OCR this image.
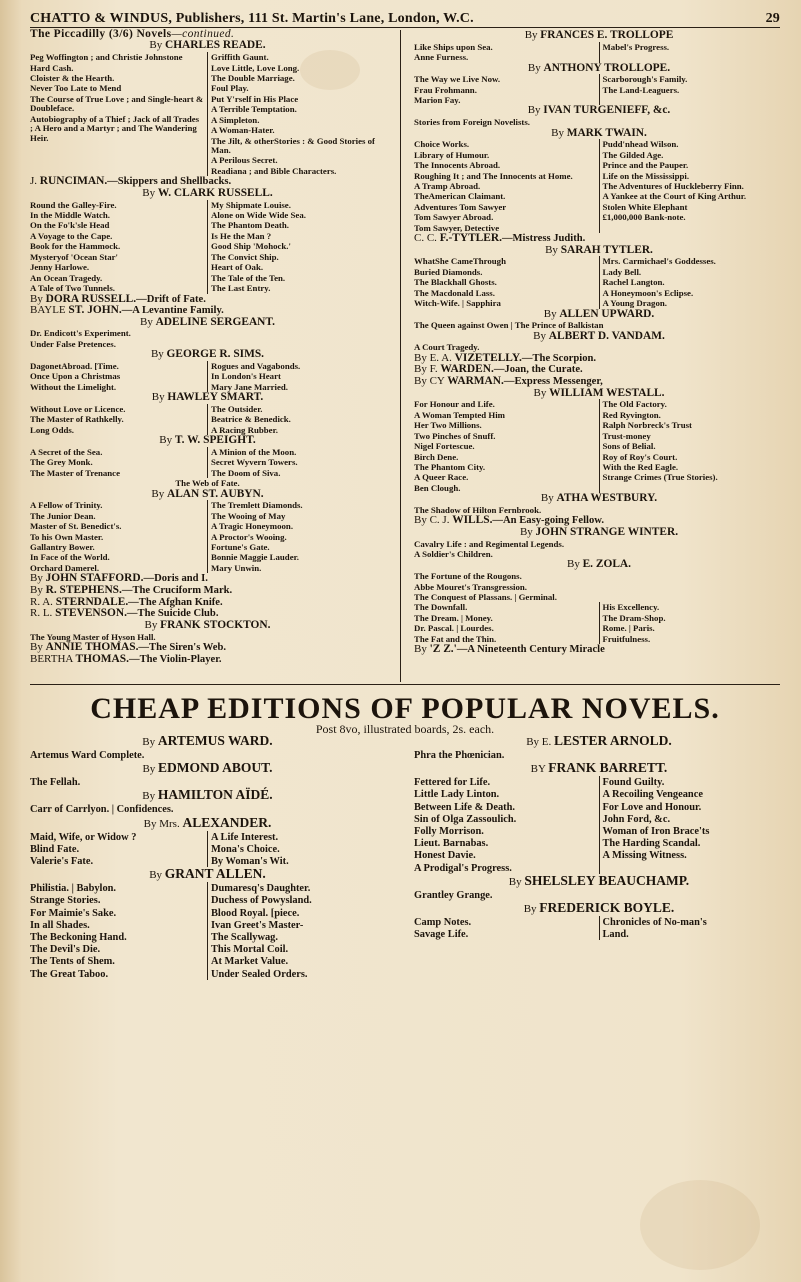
CHATTO & WINDUS, Publishers, 111 St. Martin's Lane, London, W.C.	29
The Piccadilly (3/6) Novels—continued.
By CHARLES READE.
Peg Woffington ; and Christie Johnstone
Hard Cash.
Cloister & the Hearth.
Never Too Late to Mend
The Course of True Love ; and Single-heart & Doubleface.
Autobiography of a Thief ; Jack of all Trades ; A Hero and a Martyr ; and The Wandering Heir.
Griffith Gaunt.
Love Little, Love Long.
The Double Marriage.
Foul Play.
Put Y'rself in His Place
A Terrible Temptation.
A Simpleton.
A Woman-Hater.
The Jilt, & otherStories : & Good Stories of Man.
A Perilous Secret.
Readiana ; and Bible Characters.
J. RUNCIMAN.—Skippers and Shellbacks.
By W. CLARK RUSSELL.
Round the Galley-Fire.
In the Middle Watch.
On the Fo'k'sle Head
A Voyage to the Cape.
Book for the Hammock.
Mysteryof 'Ocean Star'
Jenny Harlowe.
An Ocean Tragedy.
A Tale of Two Tunnels.
My Shipmate Louise.
Alone on Wide Wide Sea.
The Phantom Death.
Is He the Man ?
Good Ship 'Mohock.'
The Convict Ship.
Heart of Oak.
The Tale of the Ten.
The Last Entry.
By DORA RUSSELL.—Drift of Fate.
BAYLE ST. JOHN.—A Levantine Family.
By ADELINE SERGEANT.
Dr. Endicott's Experiment.
Under False Pretences.
By GEORGE R. SIMS.
DagonetAbroad. [Time.
Once Upon a Christmas
Without the Limelight.
Rogues and Vagabonds.
In London's Heart
Mary Jane Married.
By HAWLEY SMART.
Without Love or Licence.
The Master of Rathkelly.
Long Odds.
The Outsider.
Beatrice & Benedick.
A Racing Rubber.
By T. W. SPEIGHT.
A Secret of the Sea.
The Grey Monk.
The Master of Trenance
A Minion of the Moon.
Secret Wyvern Towers.
The Doom of Siva.
The Web of Fate.
By ALAN ST. AUBYN.
A Fellow of Trinity.
The Junior Dean.
Master of St. Benedict's.
To his Own Master.
Gallantry Bower.
In Face of the World.
Orchard Damerel.
The Tremlett Diamonds.
The Wooing of May
A Tragic Honeymoon.
A Proctor's Wooing.
Fortune's Gate.
Bonnie Maggie Lauder.
Mary Unwin.
By JOHN STAFFORD.—Doris and I.
By R. STEPHENS.—The Cruciform Mark.
R. A. STERNDALE.—The Afghan Knife.
R. L. STEVENSON.—The Suicide Club.
By FRANK STOCKTON.
The Young Master of Hyson Hall.
By ANNIE THOMAS.—The Siren's Web.
BERTHA THOMAS.—The Violin-Player.
By FRANCES E. TROLLOPE
Like Ships upon Sea.
Anne Furness.
Mabel's Progress.
By ANTHONY TROLLOPE.
The Way we Live Now.
Frau Frohmann.
Marion Fay.
Scarborough's Family.
The Land-Leaguers.
By IVAN TURGENIEFF, &c.
Stories from Foreign Novelists.
By MARK TWAIN.
Choice Works.
Library of Humour.
The Innocents Abroad.
Roughing It ; and The Innocents at Home.
A Tramp Abroad.
TheAmerican Claimant.
Adventures Tom Sawyer
Tom Sawyer Abroad.
Tom Sawyer, Detective
Pudd'nhead Wilson.
The Gilded Age.
Prince and the Pauper.
Life on the Mississippi.
The Adventures of Huckleberry Finn.
A Yankee at the Court of King Arthur.
Stolen White Elephant
£1,000,000 Bank-note.
C. C. F.-TYTLER.—Mistress Judith.
By SARAH TYTLER.
WhatShe CameThrough
Buried Diamonds.
The Blackhall Ghosts.
The Macdonald Lass.
Witch-Wife. | Sapphira
Mrs. Carmichael's Goddesses.
Lady Bell.
Rachel Langton.
A Honeymoon's Eclipse.
A Young Dragon.
By ALLEN UPWARD.
The Queen against Owen | The Prince of Balkistan
By ALBERT D. VANDAM.
A Court Tragedy.
By E. A. VIZETELLY.—The Scorpion.
By F. WARDEN.—Joan, the Curate.
By CY WARMAN.—Express Messenger,
By WILLIAM WESTALL.
For Honour and Life.
A Woman Tempted Him
Her Two Millions.
Two Pinches of Snuff.
Nigel Fortescue.
Birch Dene.
The Phantom City.
A Queer Race.
Ben Clough.
The Old Factory.
Red Ryvington.
Ralph Norbreck's Trust
Trust-money
Sons of Belial.
Roy of Roy's Court.
With the Red Eagle.
Strange Crimes (True Stories).
By ATHA WESTBURY.
The Shadow of Hilton Fernbrook.
By C. J. WILLS.—An Easy-going Fellow.
By JOHN STRANGE WINTER.
Cavalry Life : and Regimental Legends.
A Soldier's Children.
By E. ZOLA.
The Fortune of the Rougons.
Abbe Mouret's Transgression.
The Conquest of Plassans. | Germinal.
The Downfall.
The Dream. | Money.
Dr. Pascal. | Lourdes.
The Fat and the Thin.
His Excellency.
The Dram-Shop.
Rome. | Paris.
Fruitfulness.
By 'Z Z.'—A Nineteenth Century Miracle
CHEAP EDITIONS OF POPULAR NOVELS.
Post 8vo, illustrated boards, 2s. each.
By ARTEMUS WARD.
Artemus Ward Complete.
By EDMOND ABOUT.
The Fellah.
By HAMILTON AÏDÉ.
Carr of Carrlyon. | Confidences.
By Mrs. ALEXANDER.
Maid, Wife, or Widow ?
Blind Fate.
Valerie's Fate.
A Life Interest.
Mona's Choice.
By Woman's Wit.
By GRANT ALLEN.
Philistia. | Babylon.
Strange Stories.
For Maimie's Sake.
In all Shades.
The Beckoning Hand.
The Devil's Die.
The Tents of Shem.
The Great Taboo.
Dumaresq's Daughter.
Duchess of Powysland.
Blood Royal. [piece.
Ivan Greet's Master-
The Scallywag.
This Mortal Coil.
At Market Value.
Under Sealed Orders.
By E. LESTER ARNOLD.
Phra the Phœnician.
BY FRANK BARRETT.
Fettered for Life.
Little Lady Linton.
Between Life & Death.
Sin of Olga Zassoulich.
Folly Morrison.
Lieut. Barnabas.
Honest Davie.
A Prodigal's Progress.
Found Guilty.
A Recoiling Vengeance
For Love and Honour.
John Ford, &c.
Woman of Iron Brace'ts
The Harding Scandal.
A Missing Witness.
By SHELSLEY BEAUCHAMP.
Grantley Grange.
By FREDERICK BOYLE.
Camp Notes.
Savage Life.
Chronicles of No-man's
Land.
